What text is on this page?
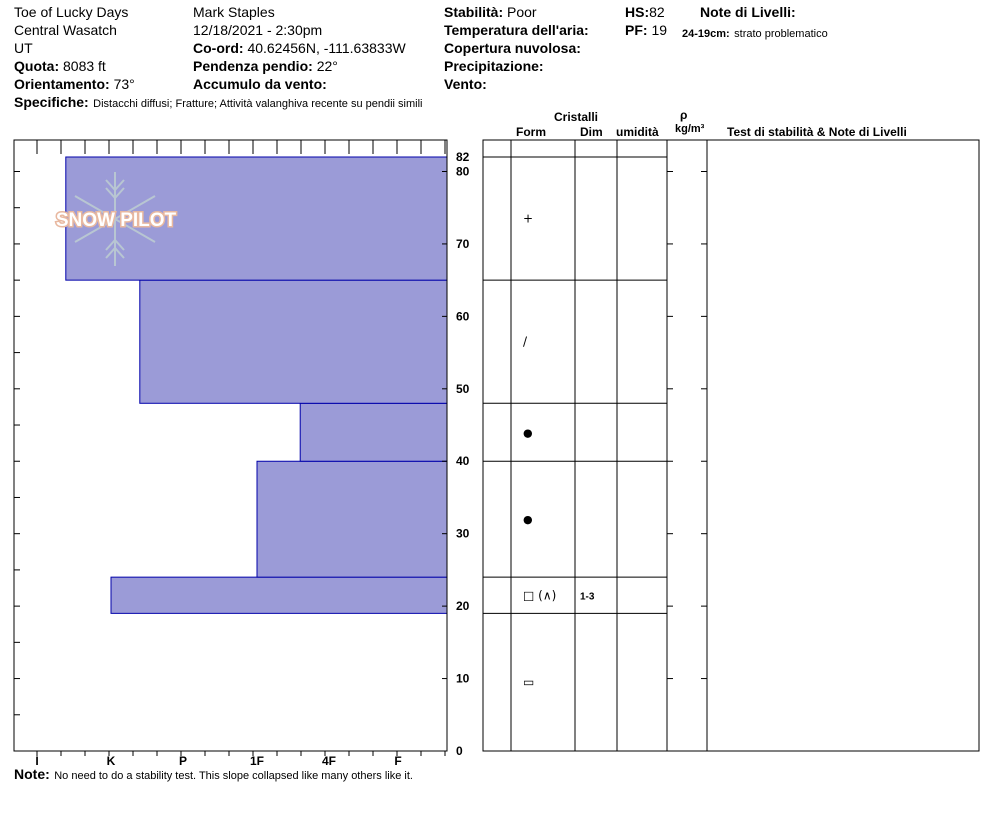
Toe of Lucky Days
Central Wasatch
UT
Quota: 8083 ft
Orientamento: 73°
Specifiche: Distacchi diffusi; Fratture; Attività valanghiva recente su pendii simili
Mark Staples
12/18/2021 - 2:30pm
Co-ord: 40.62456N, -111.63833W
Pendenza pendio: 22°
Accumulo da vento:
Stabilità: Poor
Temperatura dell'aria:
Copertura nuvolosa:
Precipitazione:
Vento:
HS:82
PF: 19
Note di Livelli:
24-19cm: strato problematico
Cristalli
Form	Dim umidità
ρ
kg/m³ Test di stabilità & Note di Livelli
0
10
20
30
40
50
60
70
80
82
I	K	P	1F	4F	F
+
/
●
●
□ (∧) 1-3
▭
SNOW PILOT
Note: No need to do a stability test. This slope collapsed like many others like it.
